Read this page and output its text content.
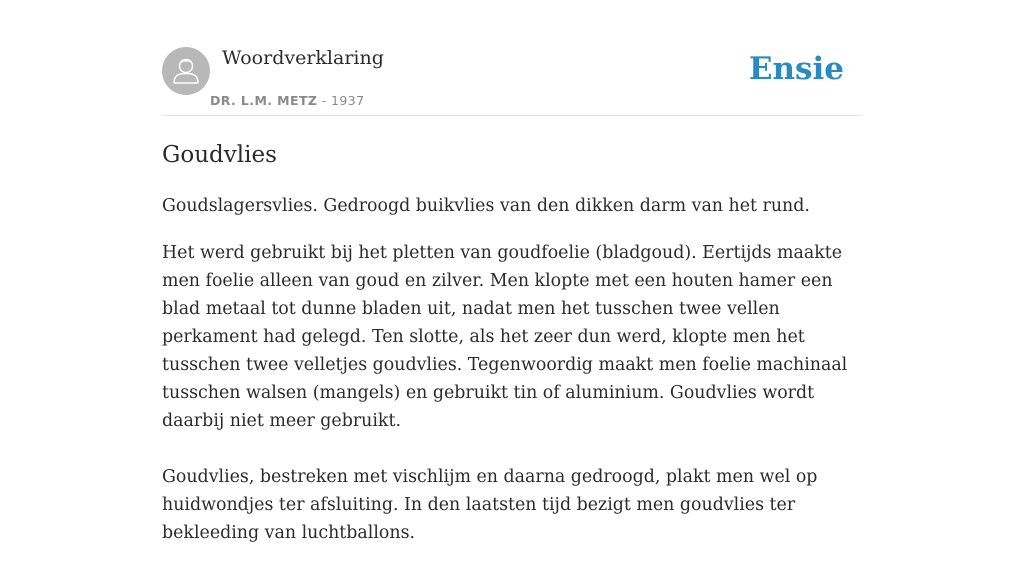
Woordverklaring
DR. L.M. METZ - 1937
Ensie
Goudvlies

Goudslagersvlies. Gedroogd buikvlies van den dikken darm van het rund.

Het werd gebruikt bij het pletten van goudfoelie (bladgoud). Eertijds maakte men foelie alleen van goud en zilver. Men klopte met een houten hamer een blad metaal tot dunne bladen uit, nadat men het tusschen twee vellen perkament had gelegd. Ten slotte, als het zeer dun werd, klopte men het tusschen twee velletjes goudvlies. Tegenwoordig maakt men foelie machinaal tusschen walsen (mangels) en gebruikt tin of aluminium. Goudvlies wordt daarbij niet meer gebruikt.

Goudvlies, bestreken met vischlijm en daarna gedroogd, plakt men wel op huidwondjes ter afsluiting. In den laatsten tijd bezigt men goudvlies ter bekleeding van luchtballons.
